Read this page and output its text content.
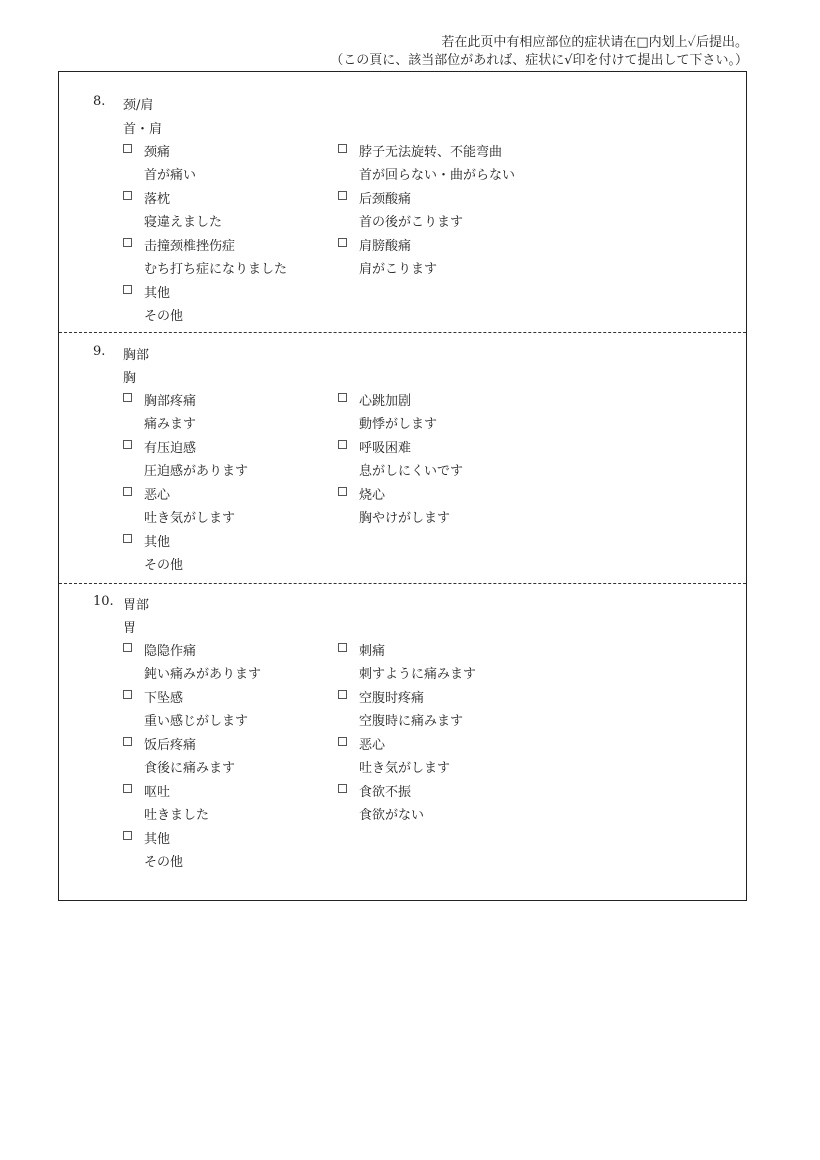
若在此页中有相应部位的症状请在□内划上✓后提出。
（この頁に、該当部位があれば、症状に√印を付けて提出して下さい。）
8. 颈/肩
首・肩
颈痛
首が痛い
脖子无法旋转、不能弯曲
首が回らない・曲がらない
落枕
寝違えました
后颈酸痛
首の後がこります
击撞颈椎挫伤症
むち打ち症になりました
肩膀酸痛
肩がこります
其他
その他
9. 胸部
胸
胸部疼痛
痛みます
心跳加剧
動悸がします
有压迫感
圧迫感があります
呼吸困难
息がしにくいです
恶心
吐き気がします
烧心
胸やけがします
其他
その他
10. 胃部
胃
隐隐作痛
鈍い痛みがあります
刺痛
刺すように痛みます
下坠感
重い感じがします
空腹时疼痛
空腹時に痛みます
饭后疼痛
食後に痛みます
恶心
吐き気がします
呕吐
吐きました
食欲不振
食欲がない
其他
その他
